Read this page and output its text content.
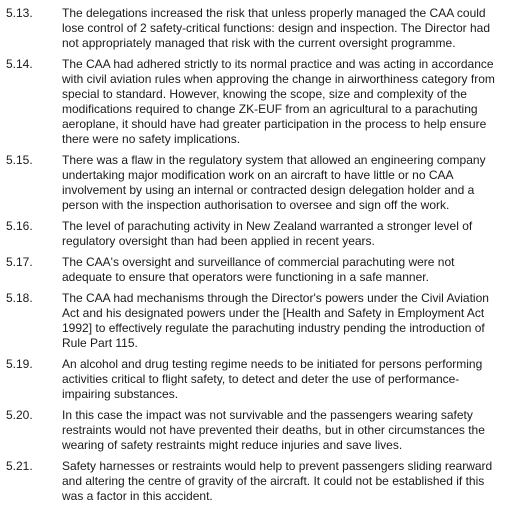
5.13.	The delegations increased the risk that unless properly managed the CAA could
lose control of 2 safety-critical functions: design and inspection. The Director had
not appropriately managed that risk with the current oversight programme.
5.14.	The CAA had adhered strictly to its normal practice and was acting in accordance
with civil aviation rules when approving the change in airworthiness category from
special to standard. However, knowing the scope, size and complexity of the
modifications required to change ZK-EUF from an agricultural to a parachuting
aeroplane, it should have had greater participation in the process to help ensure
there were no safety implications.
5.15.	There was a flaw in the regulatory system that allowed an engineering company
undertaking major modification work on an aircraft to have little or no CAA
involvement by using an internal or contracted design delegation holder and a
person with the inspection authorisation to oversee and sign off the work.
5.16.	The level of parachuting activity in New Zealand warranted a stronger level of
regulatory oversight than had been applied in recent years.
5.17.	The CAA's oversight and surveillance of commercial parachuting were not
adequate to ensure that operators were functioning in a safe manner.
5.18.	The CAA had mechanisms through the Director's powers under the Civil Aviation
Act and his designated powers under the [Health and Safety in Employment Act
1992] to effectively regulate the parachuting industry pending the introduction of
Rule Part 115.
5.19.	An alcohol and drug testing regime needs to be initiated for persons performing
activities critical to flight safety, to detect and deter the use of performance-
impairing substances.
5.20.	In this case the impact was not survivable and the passengers wearing safety
restraints would not have prevented their deaths, but in other circumstances the
wearing of safety restraints might reduce injuries and save lives.
5.21.	Safety harnesses or restraints would help to prevent passengers sliding rearward
and altering the centre of gravity of the aircraft. It could not be established if this
was a factor in this accident.
